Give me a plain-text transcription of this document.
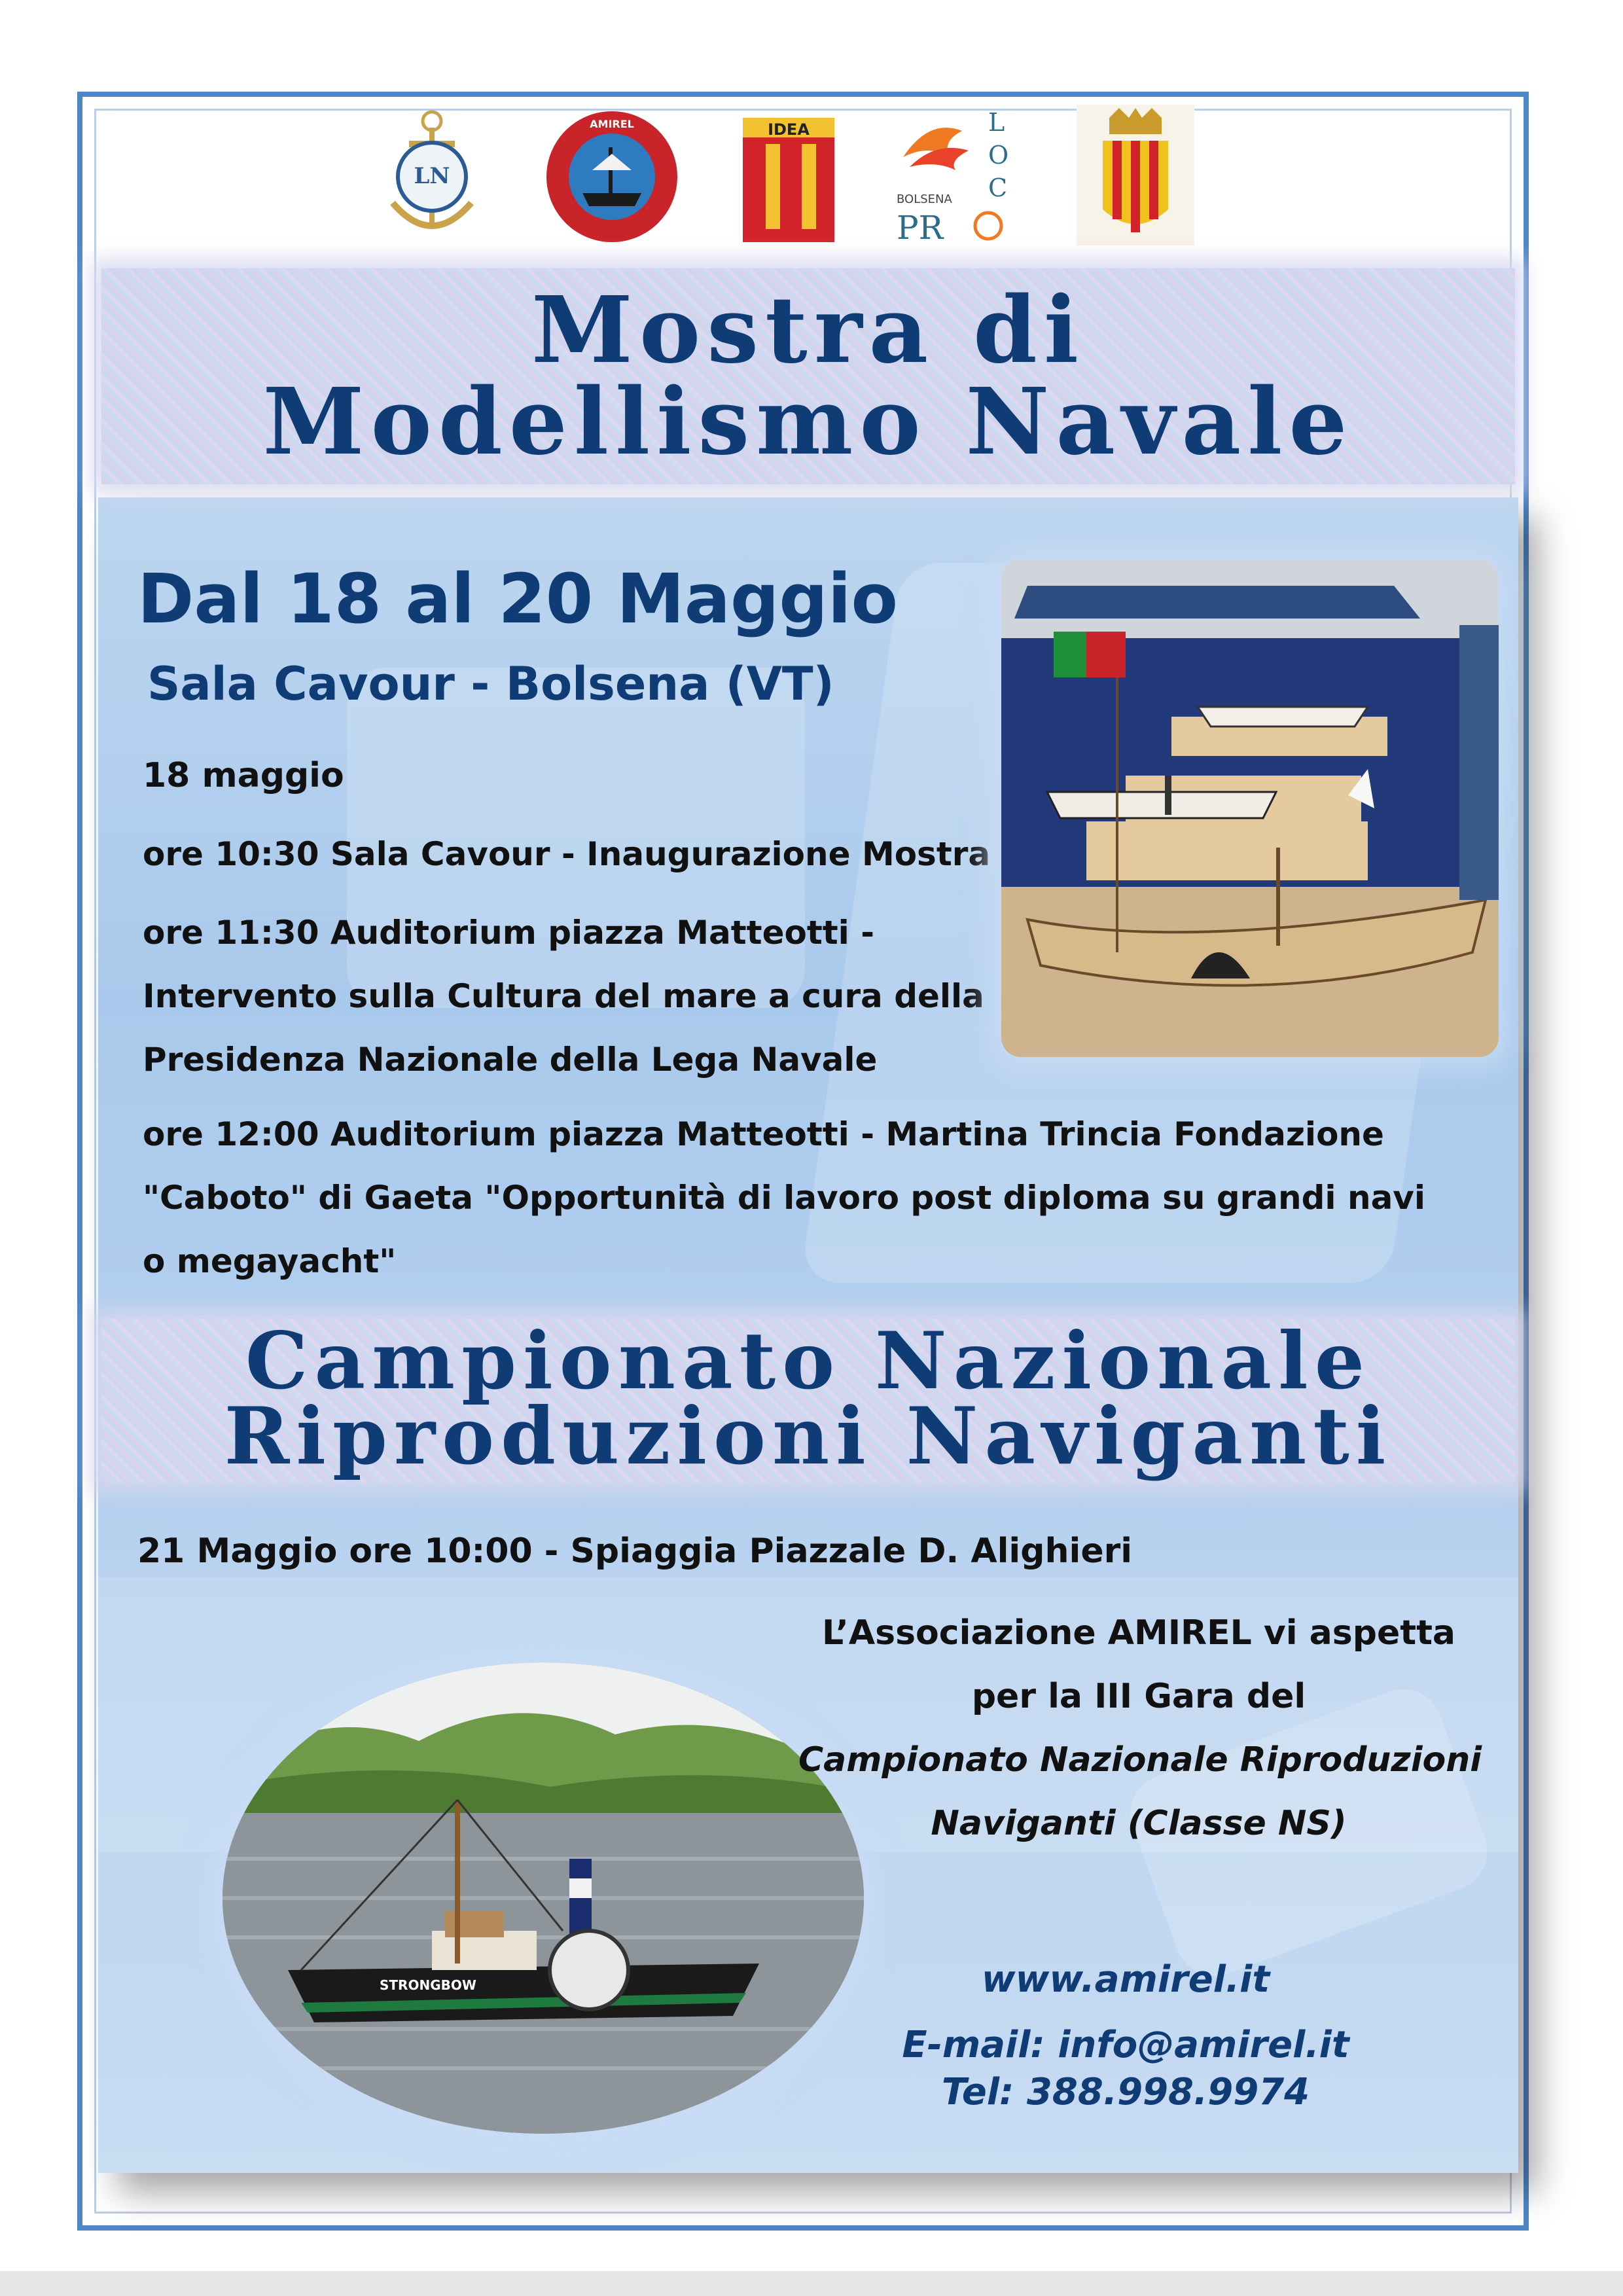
LN
AMIREL	IDEA	L
O
C
BOLSENA
PR
Mostra di
Modellismo Navale
Dal 18 al 20 Maggio
Sala Cavour - Bolsena (VT)
18 maggio
ore 10:30 Sala Cavour - Inaugurazione Mostra
ore 11:30 Auditorium piazza Matteotti -
Intervento sulla Cultura del mare a cura della
Presidenza Nazionale della Lega Navale
ore 12:00 Auditorium piazza Matteotti - Martina Trincia Fondazione
"Caboto" di Gaeta "Opportunità di lavoro post diploma su grandi navi
o megayacht"
Campionato Nazionale
Riproduzioni Naviganti
21 Maggio ore 10:00 - Spiaggia Piazzale D. Alighieri
STRONGBOW
L’Associazione AMIREL vi aspetta
per la III Gara del
Campionato Nazionale Riproduzioni
Naviganti (Classe NS)
www.amirel.it
E-mail: info@amirel.it
Tel: 388.998.9974
